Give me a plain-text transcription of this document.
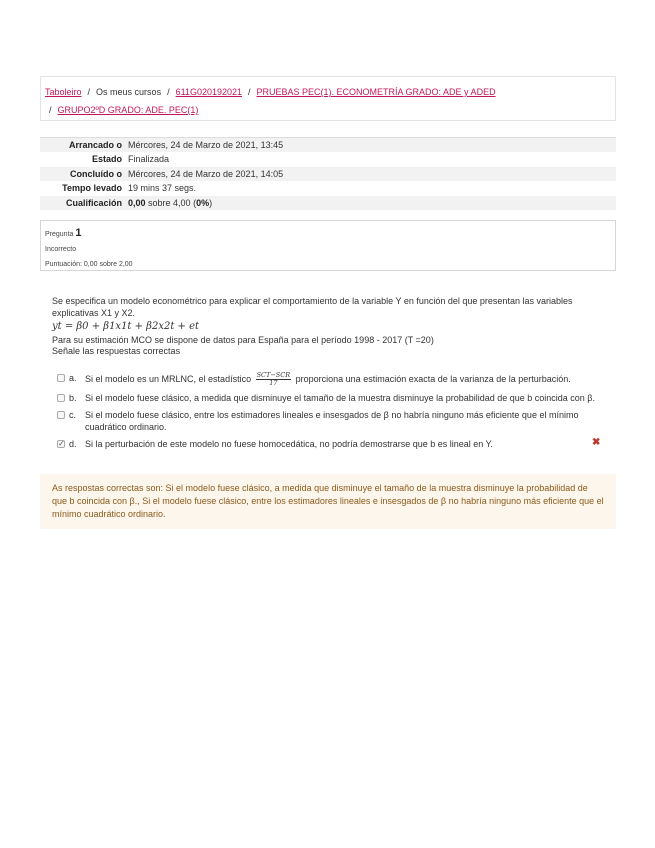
Taboleiro / Os meus cursos / 611G020192021 / PRUEBAS PEC(1). ECONOMETRÍA GRADO: ADE y ADED
/ GRUPO2ºD GRADO: ADE. PEC(1)
Arrancado o	Mércores, 24 de Marzo de 2021, 13:45
Estado	Finalizada
Concluído o	Mércores, 24 de Marzo de 2021, 14:05
Tempo levado	19 mins 37 segs.
Cualificación	0,00 sobre 4,00 (0%)
Pregunta 1
Incorrecto
Puntuación: 0,00 sobre 2,00
Se especifica un modelo econométrico para explicar el comportamiento de la variable Y en función del que presentan las variables explicativas X1 y X2.
yt = β0 + β1x1t + β2x2t + et
Para su estimación MCO se dispone de datos para España para el período 1998 - 2017 (T =20)
Señale las respuestas correctas
a. Si el modelo es un MRLNC, el estadístico $\frac{\text{SCT−SCR}}{17}$ proporciona una estimación exacta de la varianza de la perturbación.
b. Si el modelo fuese clásico, a medida que disminuye el tamaño de la muestra disminuye la probabilidad de que b coincida con β.
c. Si el modelo fuese clásico, entre los estimadores lineales e insesgados de β no habría ninguno más eficiente que el mínimo cuadrático ordinario.
✓
d. Si la perturbación de este modelo no fuese homocedática, no podría demostrarse que b es lineal en Y.	✖
As respostas correctas son: Si el modelo fuese clásico, a medida que disminuye el tamaño de la muestra disminuye la probabilidad de que b coincida con β., Si el modelo fuese clásico, entre los estimadores lineales e insesgados de β no habría ninguno más eficiente que el mínimo cuadrático ordinario.
